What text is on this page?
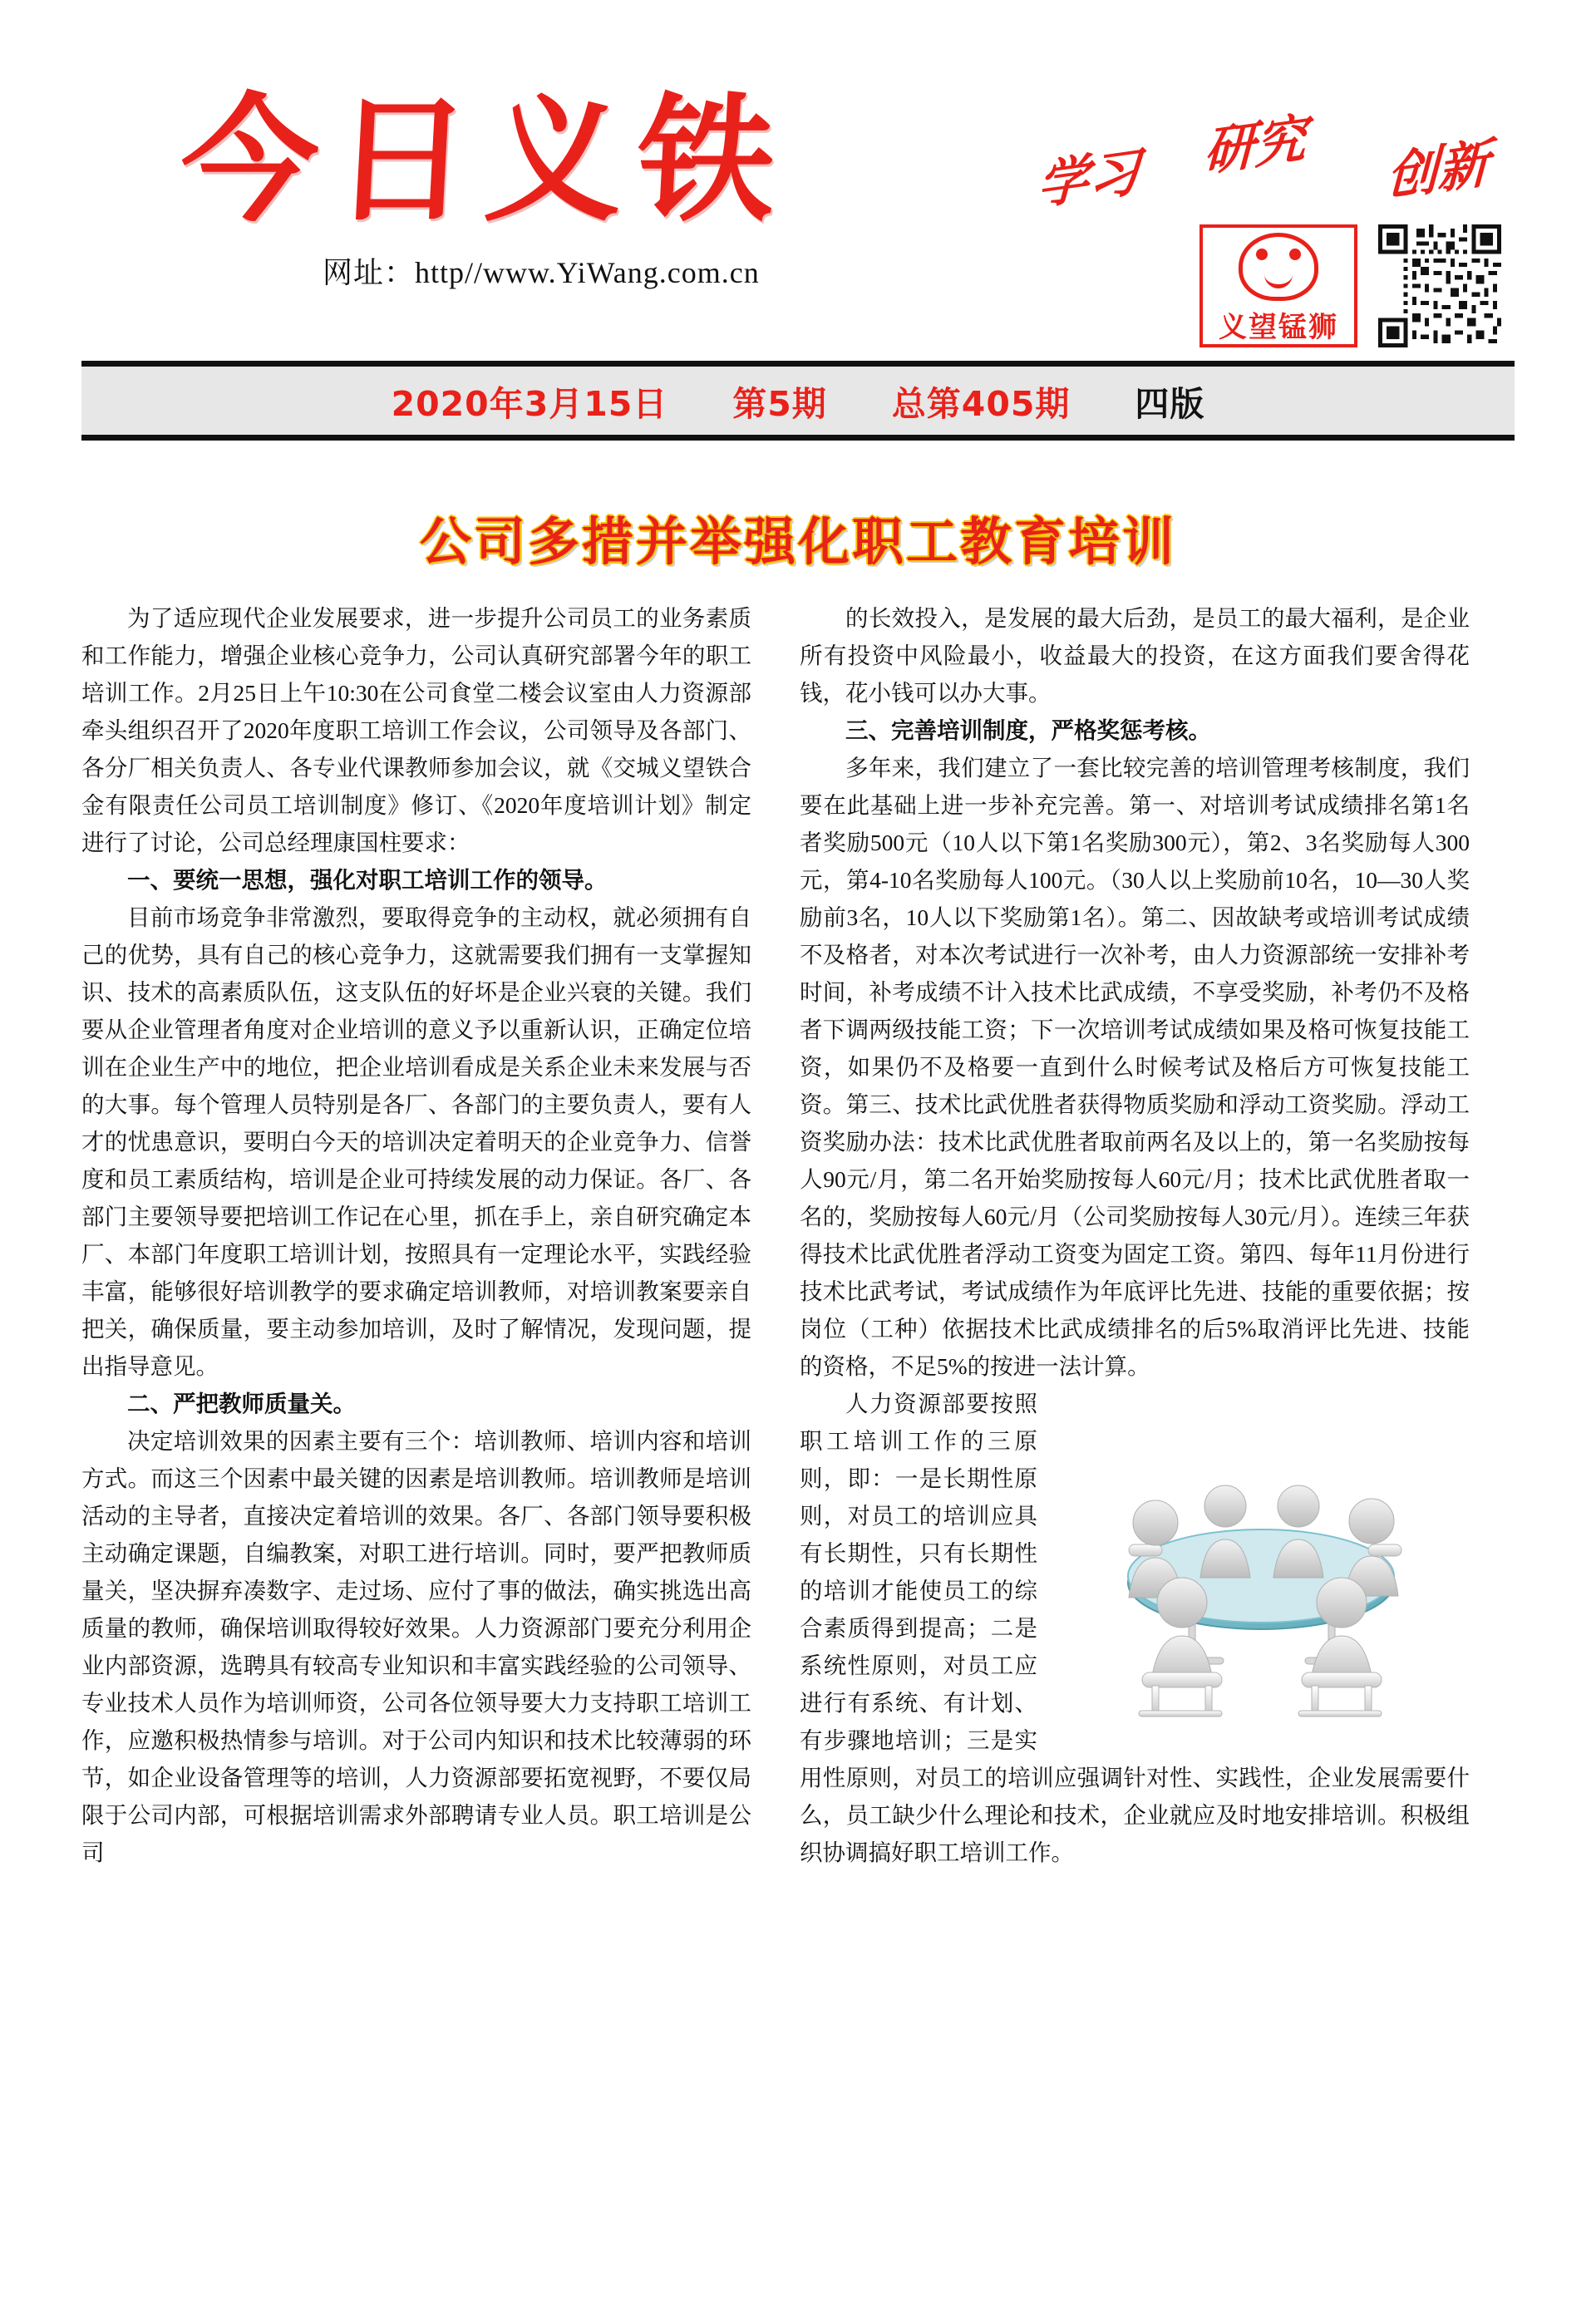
今日义铁
网址：http//www.YiWang.com.cn
学习 研究 创新
义望锰狮
2020年3月15日 第5期 总第405期 四版
公司多措并举强化职工教育培训

为了适应现代企业发展要求，进一步提升公司员工的业务素质和工作能力，增强企业核心竞争力，公司认真研究部署今年的职工培训工作。2月25日上午10:30在公司食堂二楼会议室由人力资源部牵头组织召开了2020年度职工培训工作会议，公司领导及各部门、各分厂相关负责人、各专业代课教师参加会议，就《交城义望铁合金有限责任公司员工培训制度》修订、《2020年度培训计划》制定进行了讨论，公司总经理康国柱要求：

一、要统一思想，强化对职工培训工作的领导。

目前市场竞争非常激烈，要取得竞争的主动权，就必须拥有自己的优势，具有自己的核心竞争力，这就需要我们拥有一支掌握知识、技术的高素质队伍，这支队伍的好坏是企业兴衰的关键。我们要从企业管理者角度对企业培训的意义予以重新认识，正确定位培训在企业生产中的地位，把企业培训看成是关系企业未来发展与否的大事。每个管理人员特别是各厂、各部门的主要负责人，要有人才的忧患意识，要明白今天的培训决定着明天的企业竞争力、信誉度和员工素质结构，培训是企业可持续发展的动力保证。各厂、各部门主要领导要把培训工作记在心里，抓在手上，亲自研究确定本厂、本部门年度职工培训计划，按照具有一定理论水平，实践经验丰富，能够很好培训教学的要求确定培训教师，对培训教案要亲自把关，确保质量，要主动参加培训，及时了解情况，发现问题，提出指导意见。

二、严把教师质量关。

决定培训效果的因素主要有三个：培训教师、培训内容和培训方式。而这三个因素中最关键的因素是培训教师。培训教师是培训活动的主导者，直接决定着培训的效果。各厂、各部门领导要积极主动确定课题，自编教案，对职工进行培训。同时，要严把教师质量关，坚决摒弃凑数字、走过场、应付了事的做法，确实挑选出高质量的教师，确保培训取得较好效果。人力资源部门要充分利用企业内部资源，选聘具有较高专业知识和丰富实践经验的公司领导、专业技术人员作为培训师资，公司各位领导要大力支持职工培训工作，应邀积极热情参与培训。对于公司内知识和技术比较薄弱的环节，如企业设备管理等的培训，人力资源部要拓宽视野，不要仅局限于公司内部，可根据培训需求外部聘请专业人员。职工培训是公司

的长效投入，是发展的最大后劲，是员工的最大福利，是企业所有投资中风险最小，收益最大的投资，在这方面我们要舍得花钱，花小钱可以办大事。

三、完善培训制度，严格奖惩考核。

多年来，我们建立了一套比较完善的培训管理考核制度，我们要在此基础上进一步补充完善。第一、对培训考试成绩排名第1名者奖励500元（10人以下第1名奖励300元），第2、3名奖励每人300元，第4-10名奖励每人100元。（30人以上奖励前10名，10—30人奖励前3名，10人以下奖励第1名）。第二、因故缺考或培训考试成绩不及格者，对本次考试进行一次补考，由人力资源部统一安排补考时间，补考成绩不计入技术比武成绩，不享受奖励，补考仍不及格者下调两级技能工资；下一次培训考试成绩如果及格可恢复技能工资，如果仍不及格要一直到什么时候考试及格后方可恢复技能工资。第三、技术比武优胜者获得物质奖励和浮动工资奖励。浮动工资奖励办法：技术比武优胜者取前两名及以上的，第一名奖励按每人90元/月，第二名开始奖励按每人60元/月；技术比武优胜者取一名的，奖励按每人60元/月（公司奖励按每人30元/月）。连续三年获得技术比武优胜者浮动工资变为固定工资。第四、每年11月份进行技术比武考试，考试成绩作为年底评比先进、技能的重要依据；按岗位（工种）依据技术比武成绩排名的后5%取消评比先进、技能的资格，不足5%的按进一法计算。

人力资源部要按照职工培训工作的三原则，即：一是长期性原则，对员工的培训应具有长期性，只有长期性的培训才能使员工的综合素质得到提高；二是系统性原则，对员工应进行有系统、有计划、有步骤地培训；三是实用性原则，对员工的培训应强调针对性、实践性，企业发展需要什么，员工缺少什么理论和技术，企业就应及时地安排培训。积极组织协调搞好职工培训工作。
